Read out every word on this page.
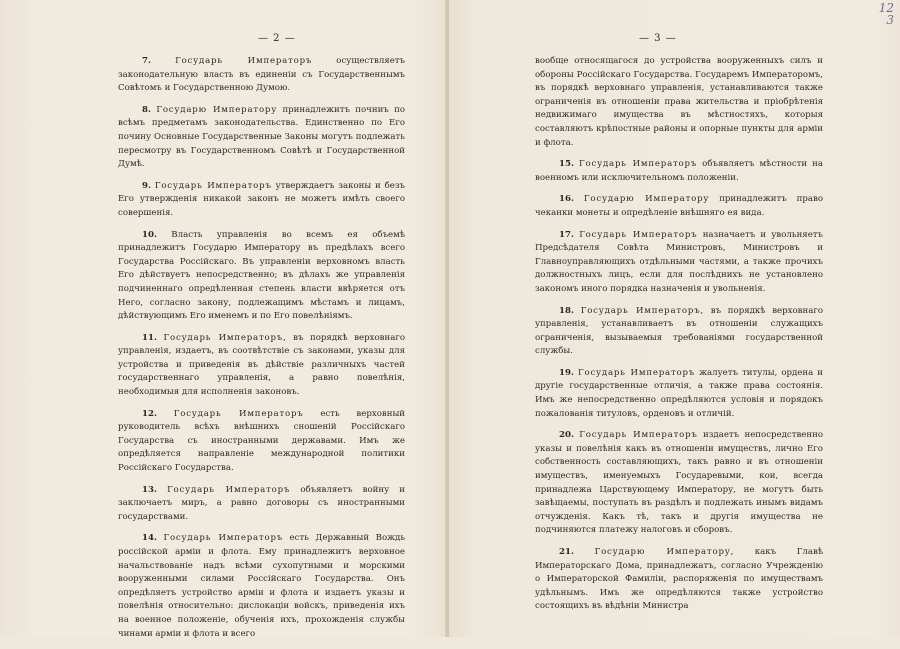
— 2 —

7.	Государь Императоръ	осуществляетъ законодательную власть въ единеніи съ Государственнымъ Совѣтомъ и Государственною Думою.

8. Государю Императору принадлежитъ почниъ по всѣмъ предметамъ законодательства. Единственно по Его почину Основные Государственные Законы могутъ подлежать пересмотру въ Государственномъ Совѣтѣ и Государственной Думѣ.

9. Государь Императоръ утверждаетъ законы и безъ Его утвержденія никакой законъ не можетъ имѣть своего совершенія.

10. Власть управленія во всемъ ея объемѣ принадлежитъ Государю Императору въ предѣлахъ всего Государства Россійскаго. Въ управленіи верховномъ власть Его дѣйствуетъ непосредственно; въ дѣлахъ же управленія подчиненнаго опредѣленная степень власти ввѣряется отъ Него, согласно закону, подлежащимъ мѣстамъ и лицамъ, дѣйствующимъ Его именемъ и по Его повелѣніямъ.

11. Государь Императоръ, въ порядкѣ верховнаго управленія, издаетъ, въ соотвѣтствіе съ законами, указы для устройства и приведенія въ дѣйствіе различныхъ частей государственнаго управленія, а равно повелѣнія, необходимыя для исполненія законовъ.

12. Государь Императоръ есть верховный руководитель всѣхъ внѣшнихъ сношеній Россійскаго Государства съ иностранными державами. Имъ же опредѣляется направленіе международной политики Россійскаго Государства.

13. Государь Императоръ объявляетъ войну и заключаетъ миръ, а равно договоры съ иностранными государствами.

14. Государь Императоръ есть Державный Вождь россійской арміи и флота. Ему принадлежитъ верховное начальствованіе надъ всѣми сухопутными и морскими вооруженными силами Россійскаго Государства. Онъ опредѣляетъ устройство арміи и флота и издаетъ указы и повелѣнія относительно: дислокаціи войскъ, приведенія ихъ на военное положеніе, обученія ихъ, прохожденія службы чинами арміи и флота и всего

12
3
— 3 —

вообще относящагося до устройства вооруженныхъ силъ и обороны Россійскаго Государства. Государемъ Императоромъ, въ порядкѣ верховнаго управленія, устанавливаются также ограниченія въ отношеніи права жительства и пріобрѣтенія недвижимаго имущества въ мѣстностяхъ, которыя составляютъ крѣпостные районы и опорные пункты для арміи и флота.

15. Государь Императоръ объявляетъ мѣстности на военномъ или исключительномъ положеніи.

16. Государю Императору принадлежитъ право чеканки монеты и опредѣленіе внѣшняго ея вида.

17. Государь Императоръ назначаетъ и увольняетъ Предсѣдателя Совѣта Министровъ, Министровъ и Главноуправляющихъ отдѣльными частями, а также прочихъ должностныхъ лицъ, если для послѣднихъ не установлено закономъ иного порядка назначенія и увольненія.

18. Государь Императоръ, въ порядкѣ верховнаго управленія, устанавливаетъ въ отношеніи служащихъ ограниченія, вызываемыя требованіями государственной службы.

19. Государь Императоръ жалуетъ титулы, ордена и другіе государственные отличія, а также права состоянія. Имъ же непосредственно опредѣляются условія и порядокъ пожалованія титуловъ, орденовъ и отличій.

20. Государь Императоръ издаетъ непосредственно указы и повелѣнія какъ въ отношеніи имуществъ, лично Его собственность составляющихъ, такъ равно и въ отношеніи имуществъ, именуемыхъ Государевыми, кои, всегда принадлежа Царствующему Императору, не могутъ быть завѣщаемы, поступать въ раздѣлъ и подлежать инымъ видамъ отчужденія. Какъ тѣ, такъ и другія имущества не подчиняются платежу налоговъ и сборовъ.

21. Государю Императору, какъ Главѣ Императорскаго Дома, принадлежатъ, согласно Учрежденію о Императорской Фамиліи, распоряженія по имуществамъ удѣльнымъ. Имъ же опредѣляются также устройство состоящихъ въ вѣдѣніи Министра
